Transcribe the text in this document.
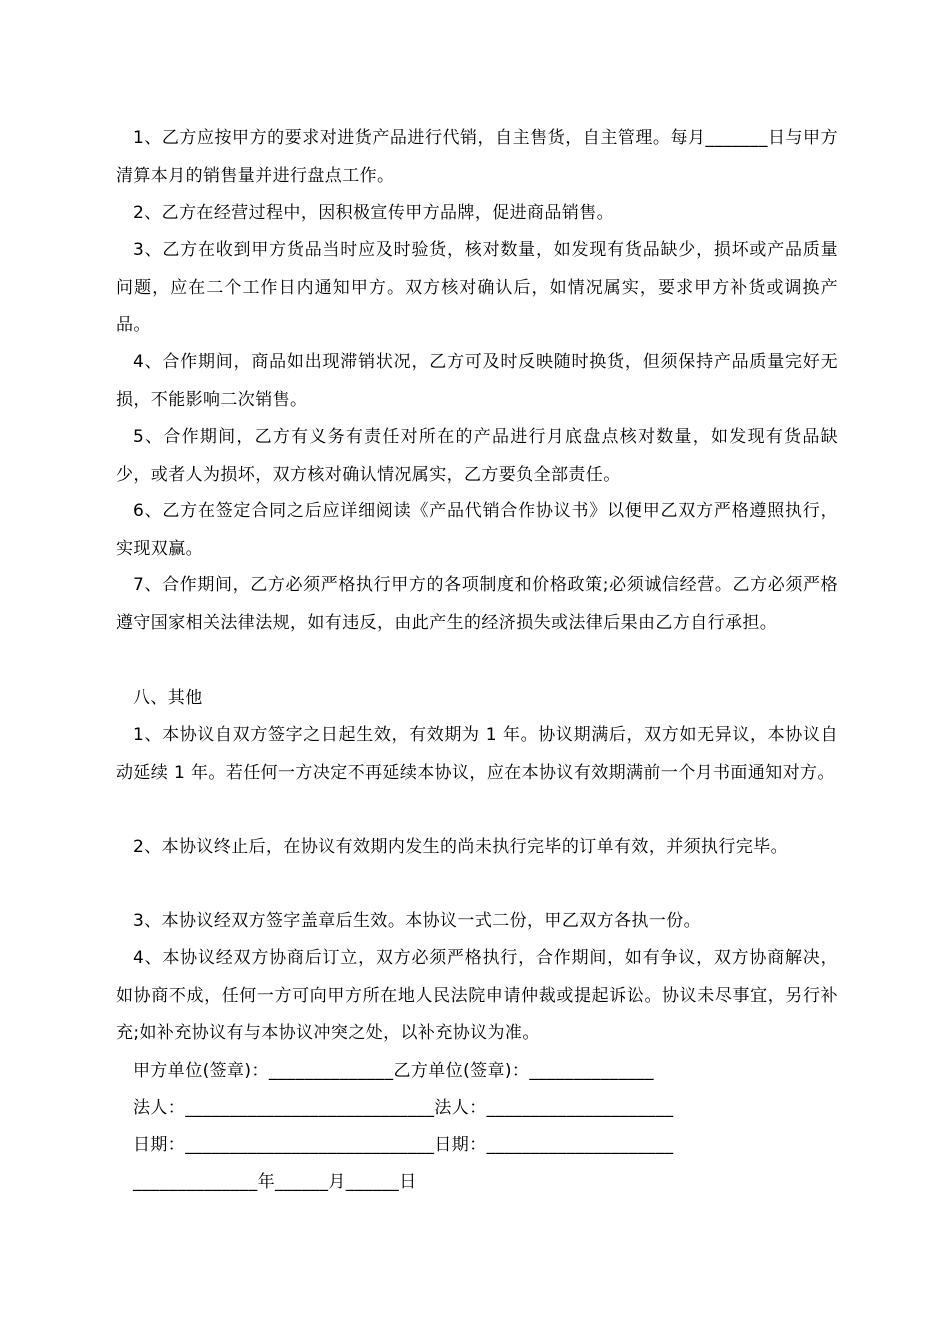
1、乙方应按甲方的要求对进货产品进行代销，自主售货，自主管理。每月_______日与甲方清算本月的销售量并进行盘点工作。

2、乙方在经营过程中，因积极宣传甲方品牌，促进商品销售。

3、乙方在收到甲方货品当时应及时验货，核对数量，如发现有货品缺少，损坏或产品质量问题，应在二个工作日内通知甲方。双方核对确认后，如情况属实，要求甲方补货或调换产品。

4、合作期间，商品如出现滞销状况，乙方可及时反映随时换货，但须保持产品质量完好无损，不能影响二次销售。

5、合作期间，乙方有义务有责任对所在的产品进行月底盘点核对数量，如发现有货品缺少，或者人为损坏，双方核对确认情况属实，乙方要负全部责任。

6、乙方在签定合同之后应详细阅读《产品代销合作协议书》以便甲乙双方严格遵照执行，实现双赢。

7、合作期间，乙方必须严格执行甲方的各项制度和价格政策;必须诚信经营。乙方必须严格遵守国家相关法律法规，如有违反，由此产生的经济损失或法律后果由乙方自行承担。

八、其他

1、本协议自双方签字之日起生效，有效期为 1 年。协议期满后，双方如无异议，本协议自动延续 1 年。若任何一方决定不再延续本协议，应在本协议有效期满前一个月书面通知对方。

2、本协议终止后，在协议有效期内发生的尚未执行完毕的订单有效，并须执行完毕。

3、本协议经双方签字盖章后生效。本协议一式二份，甲乙双方各执一份。

4、本协议经双方协商后订立，双方必须严格执行，合作期间，如有争议，双方协商解决，如协商不成，任何一方可向甲方所在地人民法院申请仲裁或提起诉讼。协议未尽事宜，另行补充;如补充协议有与本协议冲突之处，以补充协议为准。

甲方单位(签章)：______________乙方单位(签章)：______________
法人：____________________________法人：_____________________
日期：____________________________日期：_____________________
______________年______月______日
